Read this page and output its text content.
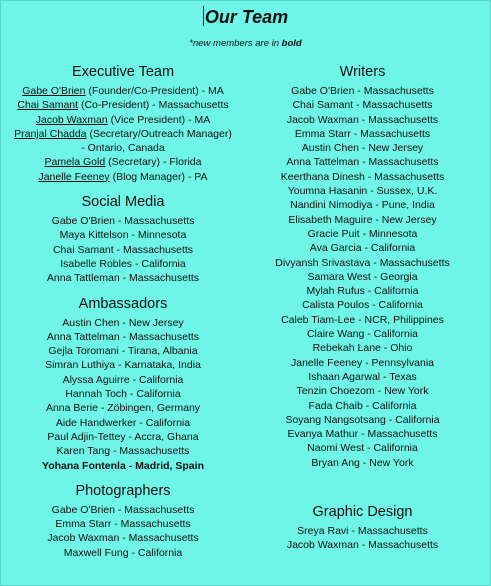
Our Team
*new members are in bold
Executive Team
Gabe O'Brien (Founder/Co-President) - MA
Chai Samant (Co-President) - Massachusetts
Jacob Waxman (Vice President) - MA
Pranjal Chadda (Secretary/Outreach Manager)
- Ontario, Canada
Pamela Gold (Secretary) - Florida
Janelle Feeney (Blog Manager) - PA
Social Media
Gabe O'Brien - Massachusetts
Maya Kittelson - Minnesota
Chai Samant - Massachusetts
Isabelle Robles - California
Anna Tattleman - Massachusetts
Ambassadors
Austin Chen - New Jersey
Anna Tattelman - Massachusetts
Gejla Toromani - Tirana, Albania
Simran Luthiya - Karnataka, India
Alyssa Aguirre - California
Hannah Toch - California
Anna Berie - Zöbingen, Germany
Aide Handwerker - California
Paul Adjin-Tettey - Accra, Ghana
Karen Tang - Massachusetts
Yohana Fontenla - Madrid, Spain
Photographers
Gabe O'Brien - Massachusetts
Emma Starr - Massachusetts
Jacob Waxman - Massachusetts
Maxwell Fung - California
Writers
Gabe O'Brien - Massachusetts
Chai Samant - Massachusetts
Jacob Waxman - Massachusetts
Emma Starr - Massachusetts
Austin Chen - New Jersey
Anna Tattelman - Massachusetts
Keerthana Dinesh - Massachusetts
Youmna Hasanin - Sussex, U.K.
Nandini Nimodiya - Pune, India
Elisabeth Maguire - New Jersey
Gracie Puit - Minnesota
Ava Garcia - California
Divyansh Srivastava - Massachusetts
Samara West - Georgia
Mylah Rufus - California
Calista Poulos - California
Caleb Tiam-Lee - NCR, Philippines
Claire Wang - California
Rebekah Lane - Ohio
Janelle Feeney - Pennsylvania
Ishaan Agarwal - Texas
Tenzin Choezom - New York
Fada Chaib - California
Soyang Nangsotsang - California
Evanya Mathur - Massachusetts
Naomi West - California
Bryan Ang - New York
Graphic Design
Sreya Ravi - Massachusetts
Jacob Waxman - Massachusetts
